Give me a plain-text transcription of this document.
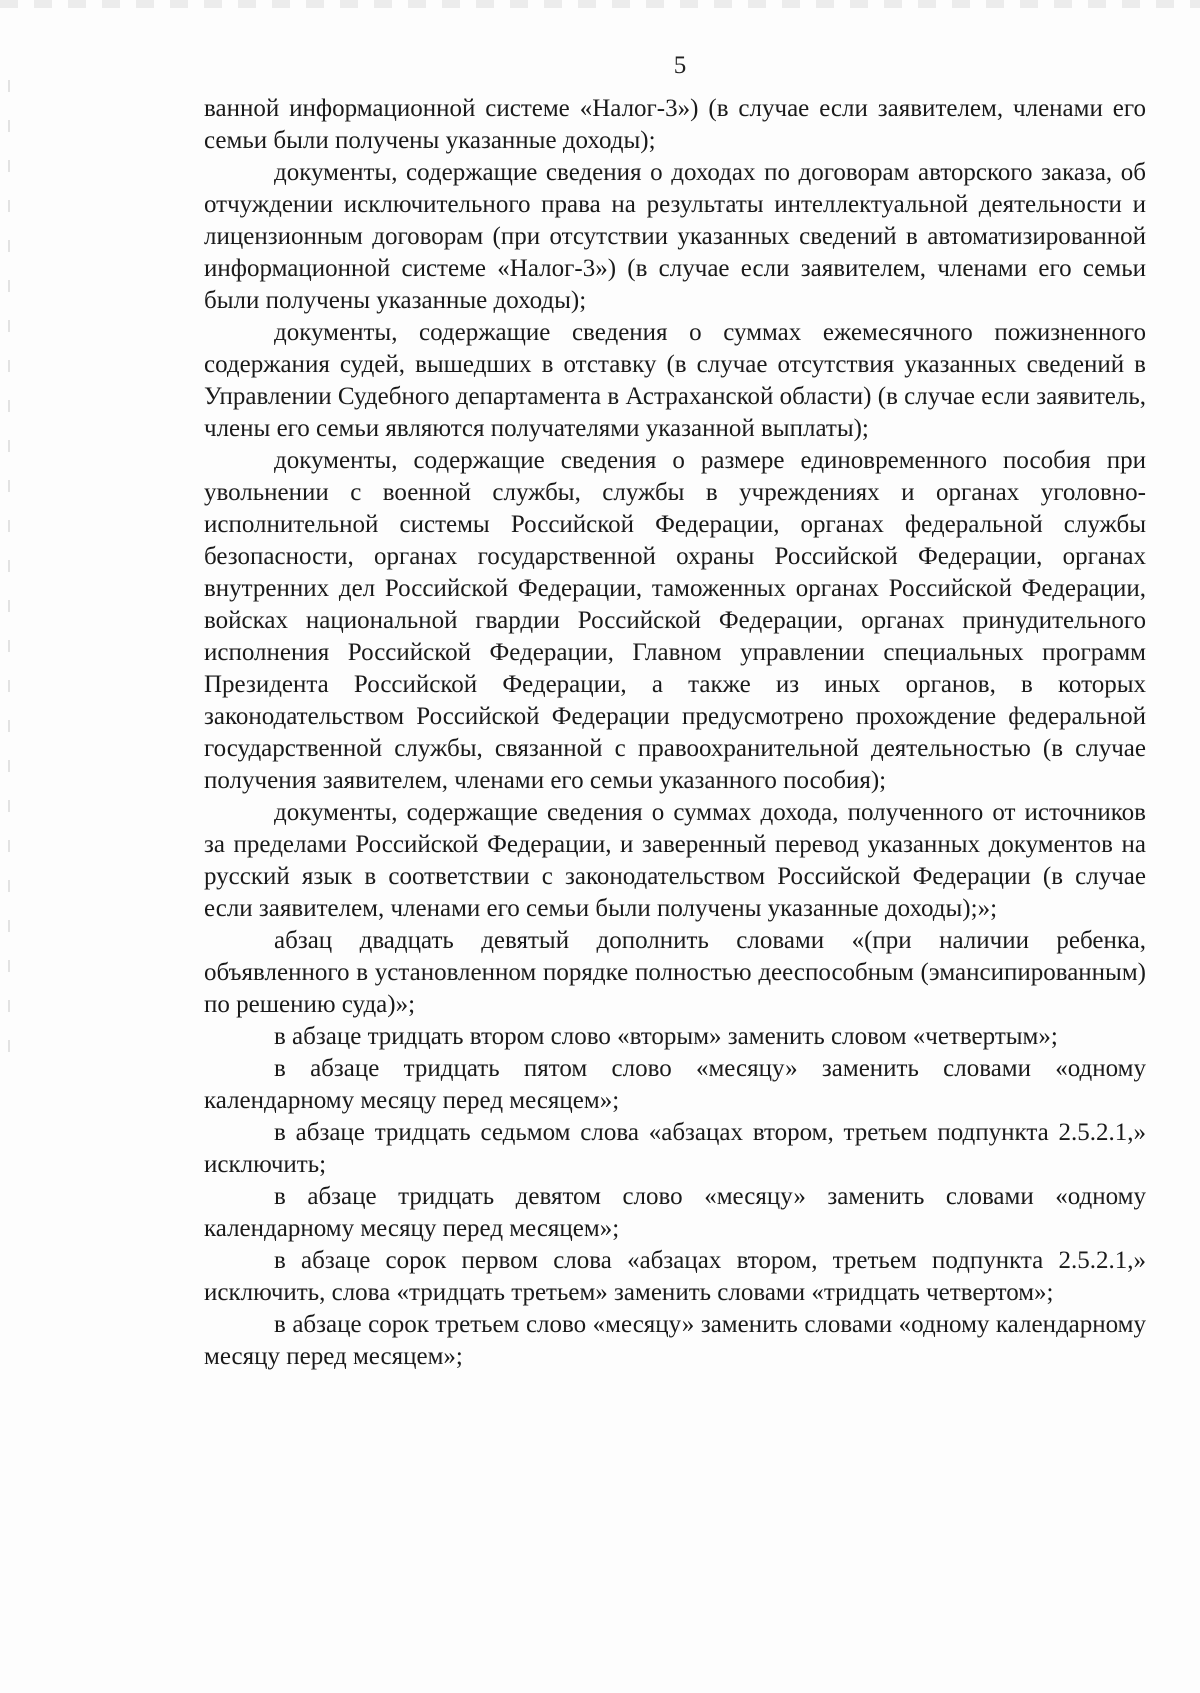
5

ванной информационной системе «Налог-3») (в случае если заявителем, членами его семьи были получены указанные доходы);

документы, содержащие сведения о доходах по договорам авторского заказа, об отчуждении исключительного права на результаты интеллектуальной деятельности и лицензионным договорам (при отсутствии указанных сведений в автоматизированной информационной системе «Налог-3») (в случае если заявителем, членами его семьи были получены указанные доходы);

документы, содержащие сведения о суммах ежемесячного пожизненного содержания судей, вышедших в отставку (в случае отсутствия указанных сведений в Управлении Судебного департамента в Астраханской области) (в случае если заявитель, члены его семьи являются получателями указанной выплаты);

документы, содержащие сведения о размере единовременного пособия при увольнении с военной службы, службы в учреждениях и органах уголовно-исполнительной системы Российской Федерации, органах федеральной службы безопасности, органах государственной охраны Российской Федерации, органах внутренних дел Российской Федерации, таможенных органах Российской Федерации, войсках национальной гвардии Российской Федерации, органах принудительного исполнения Российской Федерации, Главном управлении специальных программ Президента Российской Федерации, а также из иных органов, в которых законодательством Российской Федерации предусмотрено прохождение федеральной государственной службы, связанной с правоохранительной деятельностью (в случае получения заявителем, членами его семьи указанного пособия);

документы, содержащие сведения о суммах дохода, полученного от источников за пределами Российской Федерации, и заверенный перевод указанных документов на русский язык в соответствии с законодательством Российской Федерации (в случае если заявителем, членами его семьи были получены указанные доходы);»;

абзац двадцать девятый дополнить словами «(при наличии ребенка, объявленного в установленном порядке полностью дееспособным (эмансипированным) по решению суда)»;

в абзаце тридцать втором слово «вторым» заменить словом «четвертым»;

в абзаце тридцать пятом слово «месяцу» заменить словами «одному календарному месяцу перед месяцем»;

в абзаце тридцать седьмом слова «абзацах втором, третьем подпункта 2.5.2.1,» исключить;

в абзаце тридцать девятом слово «месяцу» заменить словами «одному календарному месяцу перед месяцем»;

в абзаце сорок первом слова «абзацах втором, третьем подпункта 2.5.2.1,» исключить, слова «тридцать третьем» заменить словами «тридцать четвертом»;

в абзаце сорок третьем слово «месяцу» заменить словами «одному календарному месяцу перед месяцем»;
